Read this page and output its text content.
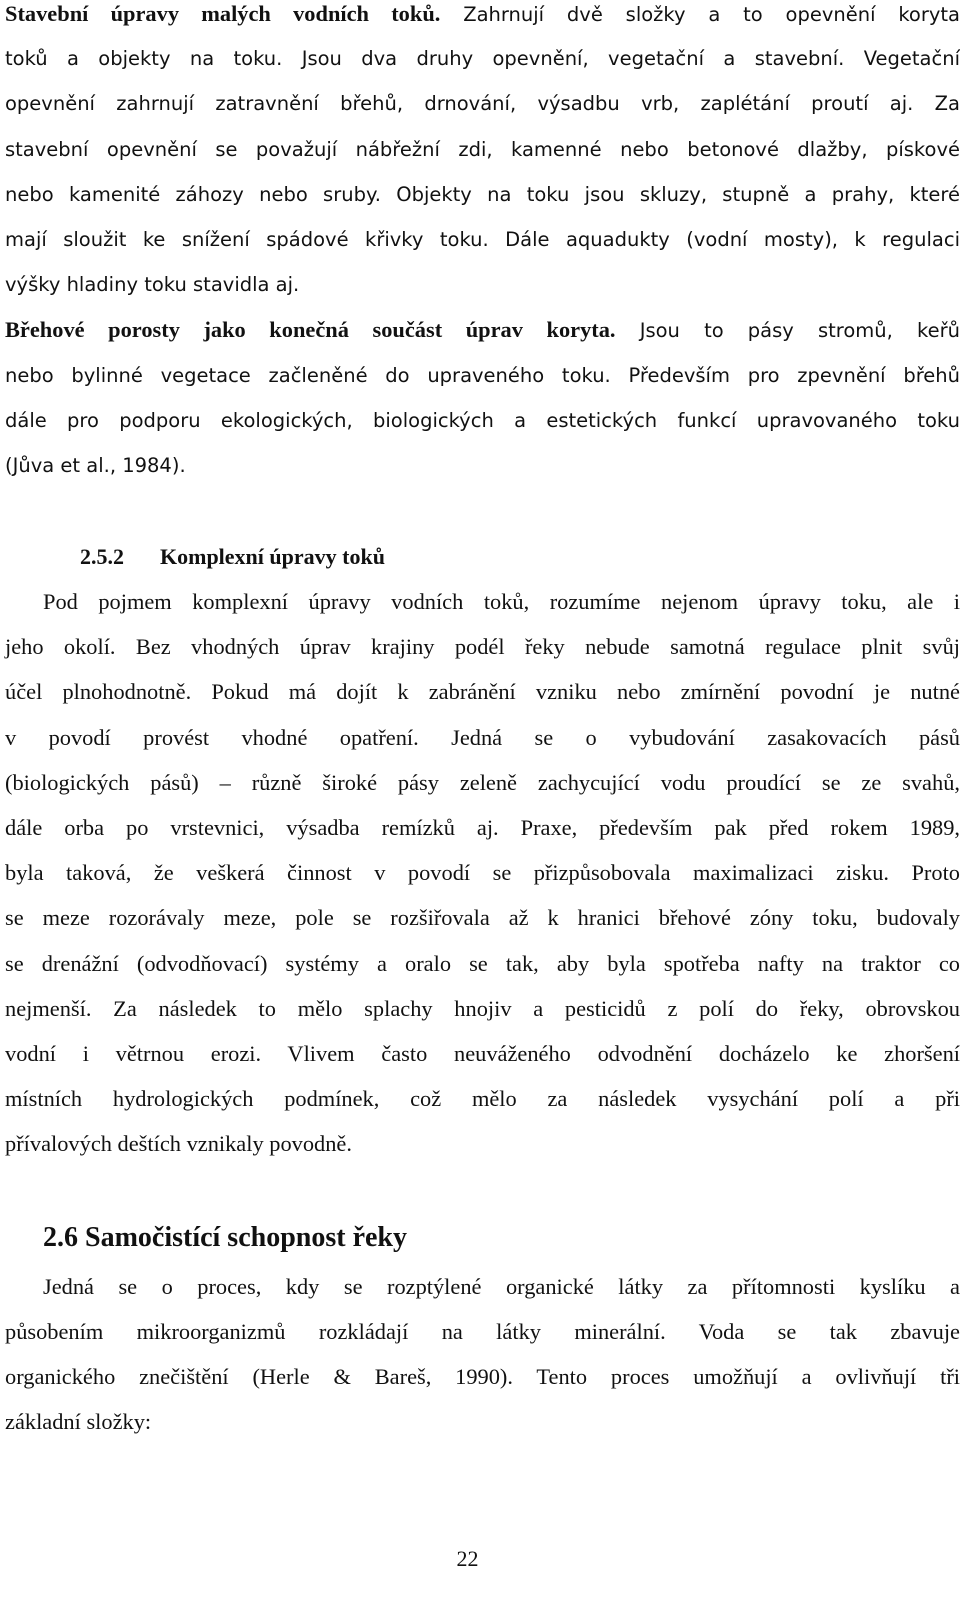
Stavební úpravy malých vodních toků. Zahrnují dvě složky a to opevnění koryta
toků a objekty na toku. Jsou dva druhy opevnění, vegetační a stavební. Vegetační
opevnění zahrnují zatravnění břehů, drnování, výsadbu vrb, zaplétání proutí aj. Za
stavební opevnění se považují nábřežní zdi, kamenné nebo betonové dlažby, pískové
nebo kamenité záhozy nebo sruby. Objekty na toku jsou skluzy, stupně a prahy, které
mají sloužit ke snížení spádové křivky toku. Dále aquadukty (vodní mosty), k regulaci
výšky hladiny toku stavidla aj.
Břehové porosty jako konečná součást úprav koryta. Jsou to pásy stromů, keřů
nebo bylinné vegetace začleněné do upraveného toku. Především pro zpevnění břehů
dále pro podporu ekologických, biologických a estetických funkcí upravovaného toku
(Jůva et al., 1984).
2.5.2 Komplexní úpravy toků
Pod pojmem komplexní úpravy vodních toků, rozumíme nejenom úpravy toku, ale i
jeho okolí. Bez vhodných úprav krajiny podél řeky nebude samotná regulace plnit svůj
účel plnohodnotně. Pokud má dojít k zabránění vzniku nebo zmírnění povodní je nutné
v povodí provést vhodné opatření. Jedná se o vybudování zasakovacích pásů
(biologických pásů) – různě široké pásy zeleně zachycující vodu proudící se ze svahů,
dále orba po vrstevnici, výsadba remízků aj. Praxe, především pak před rokem 1989,
byla taková, že veškerá činnost v povodí se přizpůsobovala maximalizaci zisku. Proto
se meze rozorávaly meze, pole se rozšiřovala až k hranici břehové zóny toku, budovaly
se drenážní (odvodňovací) systémy a oralo se tak, aby byla spotřeba nafty na traktor co
nejmenší. Za následek to mělo splachy hnojiv a pesticidů z polí do řeky, obrovskou
vodní i větrnou erozi. Vlivem často neuváženého odvodnění docházelo ke zhoršení
místních hydrologických podmínek, což mělo za následek vysychání polí a při
přívalových deštích vznikaly povodně.
2.6 Samočistící schopnost řeky
Jedná se o proces, kdy se rozptýlené organické látky za přítomnosti kyslíku a
působením mikroorganizmů rozkládají na látky minerální. Voda se tak zbavuje
organického znečištění (Herle & Bareš, 1990). Tento proces umožňují a ovlivňují tři
základní složky:
22
